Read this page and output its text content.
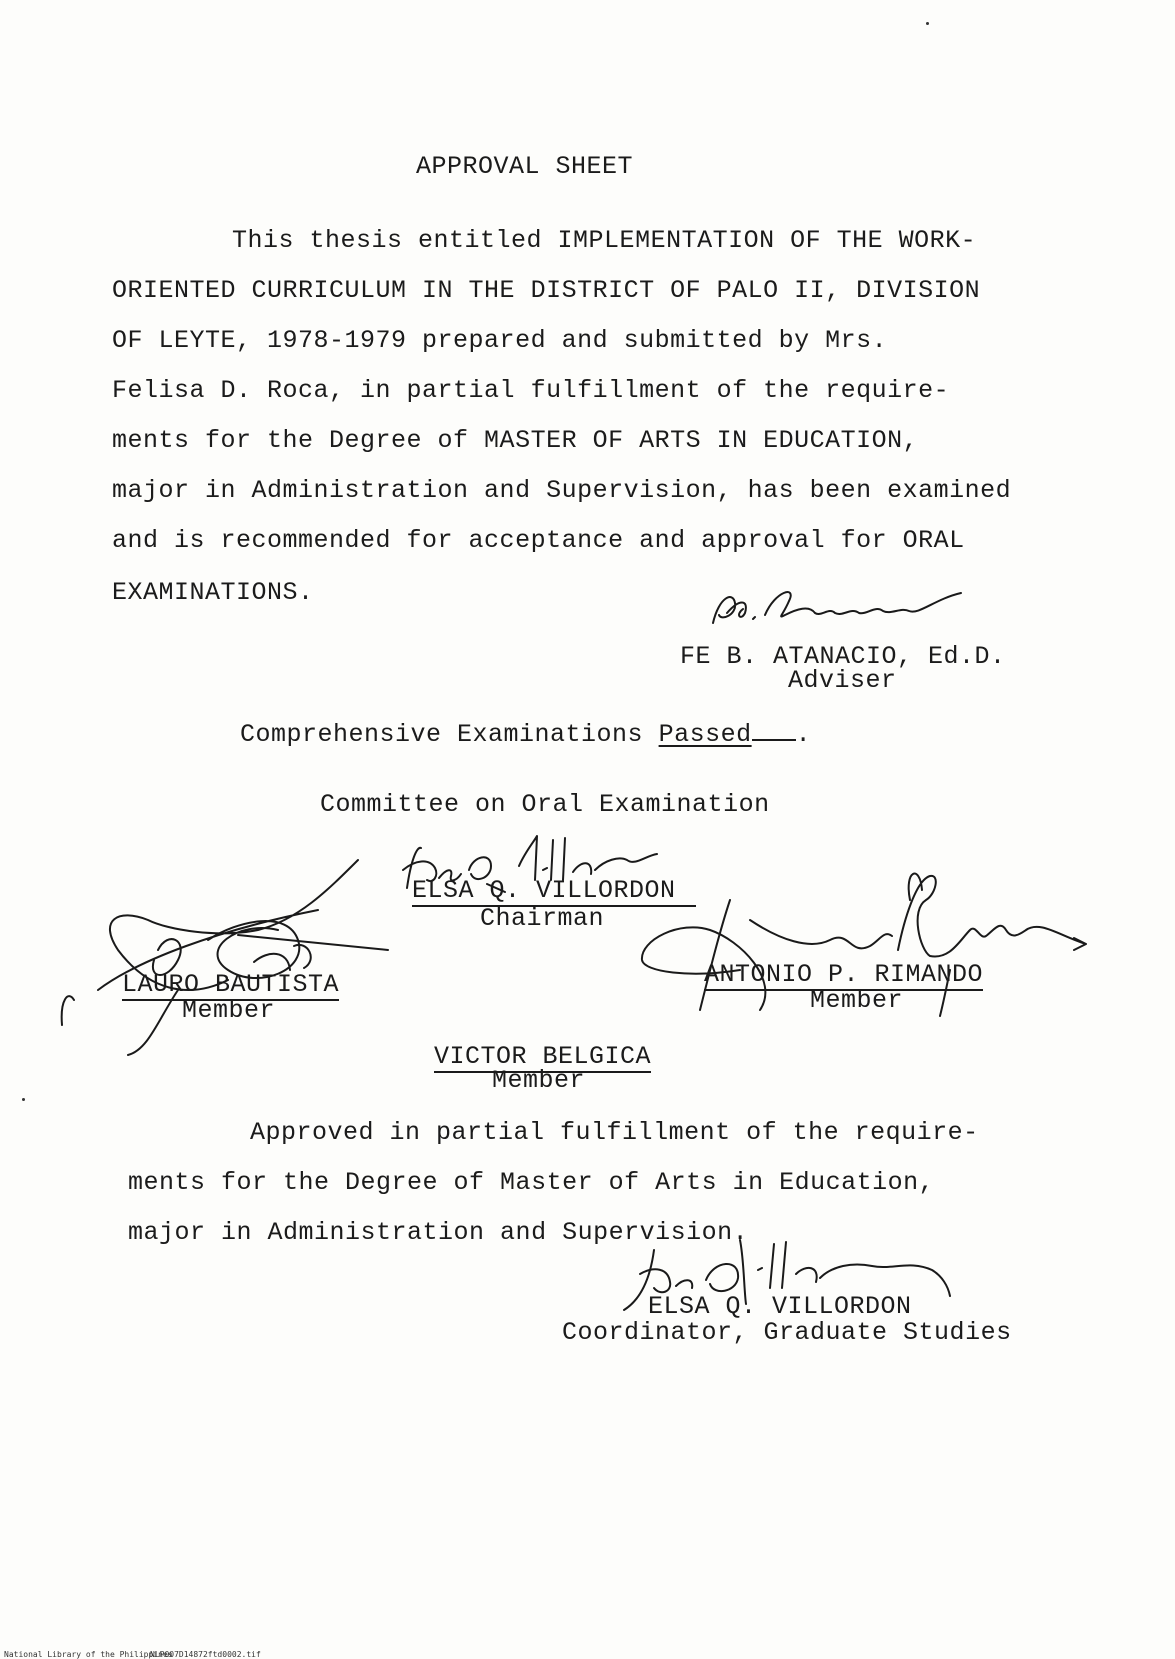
APPROVAL SHEET
This thesis entitled IMPLEMENTATION OF THE WORK-
ORIENTED CURRICULUM IN THE DISTRICT OF PALO II, DIVISION
OF LEYTE, 1978-1979 prepared and submitted by Mrs.
Felisa D. Roca, in partial fulfillment of the require-
ments for the Degree of MASTER OF ARTS IN EDUCATION,
major in Administration and Supervision, has been examined
and is recommended for acceptance and approval for ORAL
EXAMINATIONS.
FE B. ATANACIO, Ed.D.
Adviser
Comprehensive Examinations Passed .
Committee on Oral Examination
ELSA Q. VILLORDON
Chairman
LAURO BAUTISTA
Member
ANTONIO P. RIMANDO
Member
VICTOR BELGICA
Member
Approved in partial fulfillment of the require-
ments for the Degree of Master of Arts in Education,
major in Administration and Supervision.
ELSA Q. VILLORDON
Coordinator, Graduate Studies
National Library of the Philippines
NLP007D14872ftd0002.tif
